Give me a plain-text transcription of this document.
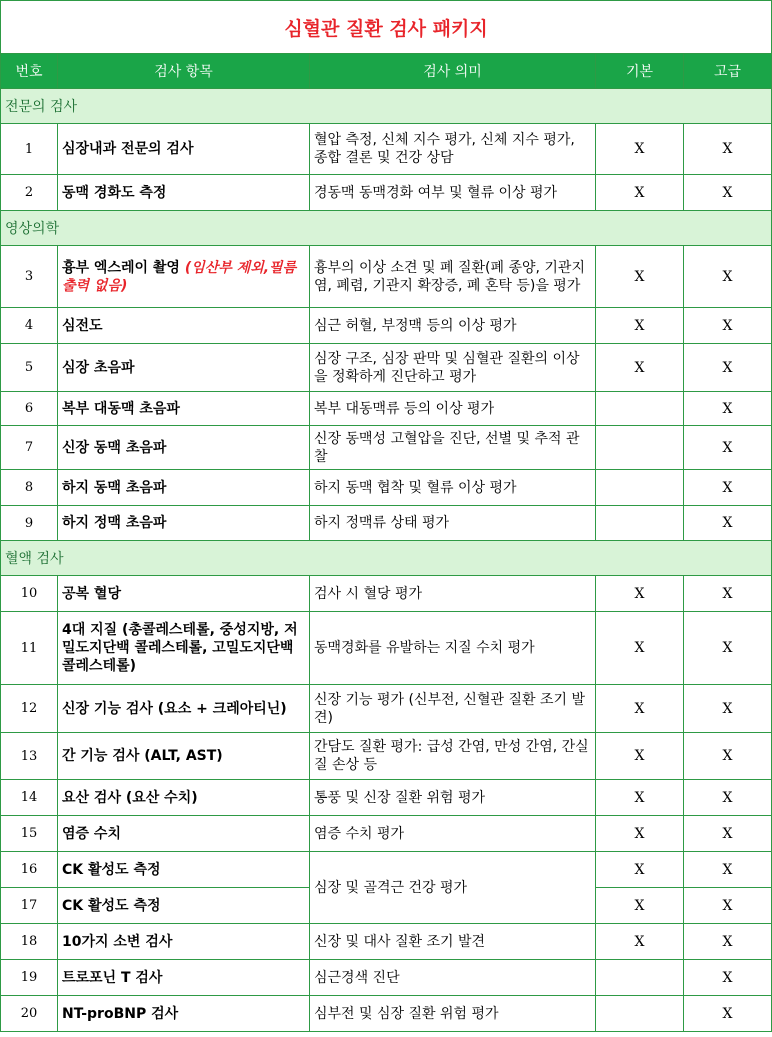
심혈관 질환 검사 패키지				
번호	검사 항목	검사 의미	기본	고급
전문의 검사				
1	심장내과 전문의 검사	혈압 측정, 신체 지수 평가, 신체 지수 평가, 종합 결론 및 건강 상담	X	X
2	동맥 경화도 측정	경동맥 동맥경화 여부 및 혈류 이상 평가	X	X
영상의학				
3	흉부 엑스레이 촬영 (임산부 제외,필름 출력 없음)	흉부의 이상 소견 및 폐 질환(폐 종양, 기관지염, 폐렴, 기관지 확장증, 폐 혼탁 등)을 평가	X	X
4	심전도	심근 허혈, 부정맥 등의 이상 평가	X	X
5	심장 초음파	심장 구조, 심장 판막 및 심혈관 질환의 이상을 정확하게 진단하고 평가	X	X
6	복부 대동맥 초음파	복부 대동맥류 등의 이상 평가		X
7	신장 동맥 초음파	신장 동맥성 고혈압을 진단, 선별 및 추적 관찰		X
8	하지 동맥 초음파	하지 동맥 협착 및 혈류 이상 평가		X
9	하지 정맥 초음파	하지 정맥류 상태 평가		X
혈액 검사				
10	공복 혈당	검사 시 혈당 평가	X	X
11	4대 지질 (총콜레스테롤, 중성지방, 저밀도지단백 콜레스테롤, 고밀도지단백 콜레스테롤)	동맥경화를 유발하는 지질 수치 평가	X	X
12	신장 기능 검사 (요소 + 크레아티닌)	신장 기능 평가 (신부전, 신혈관 질환 조기 발견)	X	X
13	간 기능 검사 (ALT, AST)	간담도 질환 평가: 급성 간염, 만성 간염, 간실질 손상 등	X	X
14	요산 검사 (요산 수치)	통풍 및 신장 질환 위험 평가	X	X
15	염증 수치	염증 수치 평가	X	X
16	CK 활성도 측정	심장 및 골격근 건강 평가	X	X
17	CK 활성도 측정		X	X
18	10가지 소변 검사	신장 및 대사 질환 조기 발견	X	X
19	트로포닌 T 검사	심근경색 진단		X
20	NT-proBNP 검사	심부전 및 심장 질환 위험 평가		X
